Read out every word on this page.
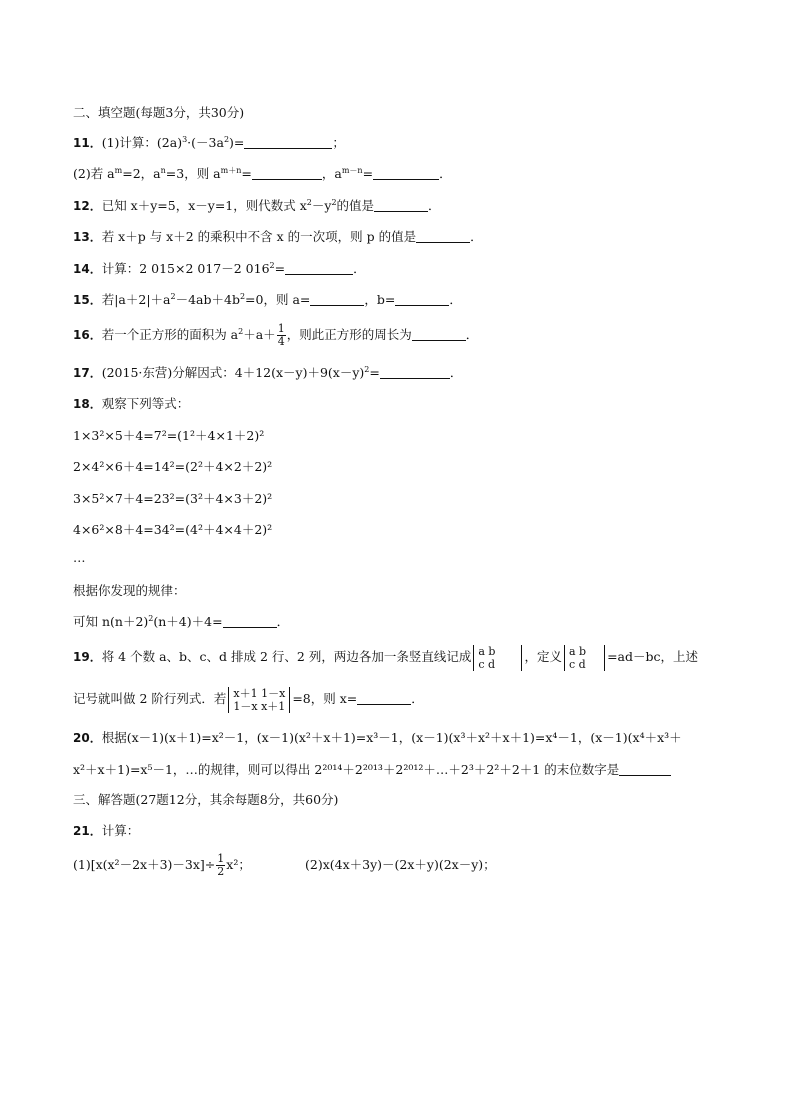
二、填空题(每题3分，共30分)
11．(1)计算：$(2a)^3\cdot(-3a^2)=$	；
(2)若 $a^m=2$，$a^n=3$，则 $a^{m+n}=$	，$a^{m-n}=$	．
12．已知 x＋y=5，x－y=1，则代数式 $x^2-y^2$的值是	．
13．若 x＋p 与 x＋2 的乘积中不含 x 的一次项，则 p 的值是	．
14．计算：2 015×2 017－2 $016^2=$	．
15．若$|a+2|+a^2-4ab+4b^2=0$，则 a=	，b=	．
16．若一个正方形的面积为 $a^2+a+ \frac{1}{4}$ ，则此正方形的周长为	．
17．(2015·东营)分解因式：$4+12(x-y)+9(x-y)^2=$	．
18．观察下列等式：
1×3²×5＋4=7²=(1²＋4×1＋2)²
2×4²×6＋4=14²=(2²＋4×2＋2)²
3×5²×7＋4=23²=(3²＋4×3＋2)²
4×6²×8＋4=34²=(4²＋4×4＋2)²
…
根据你发现的规律：
可知 $n(n+2)^2(n+4)+4=$	．
19．将 4 个数 a、b、c、d 排成 2 行、2 列，两边各加一条竖直线记成 a b
c d ，定义 a b
c d =ad－bc，上述
记号就叫做 2 阶行列式．若 x＋1 1－x
1－x x＋1 =8，则 x=	．
20．根据(x－1)(x＋1)=x²－1，(x－1)(x²＋x＋1)=x³－1，(x－1)(x³＋x²＋x＋1)=x⁴－1，(x－1)(x⁴＋x³＋
x²＋x＋1)=x⁵－1，…的规律，则可以得出 2²⁰¹⁴＋2²⁰¹³＋2²⁰¹²＋…＋2³＋2²＋2＋1 的末位数字是
三、解答题(27题12分，其余每题8分，共60分)
21．计算：
$(1)[x(x^2-2x+3)-3x]\div \frac{1}{2} x^2$；	(2)x(4x＋3y)－(2x＋y)(2x－y)；
